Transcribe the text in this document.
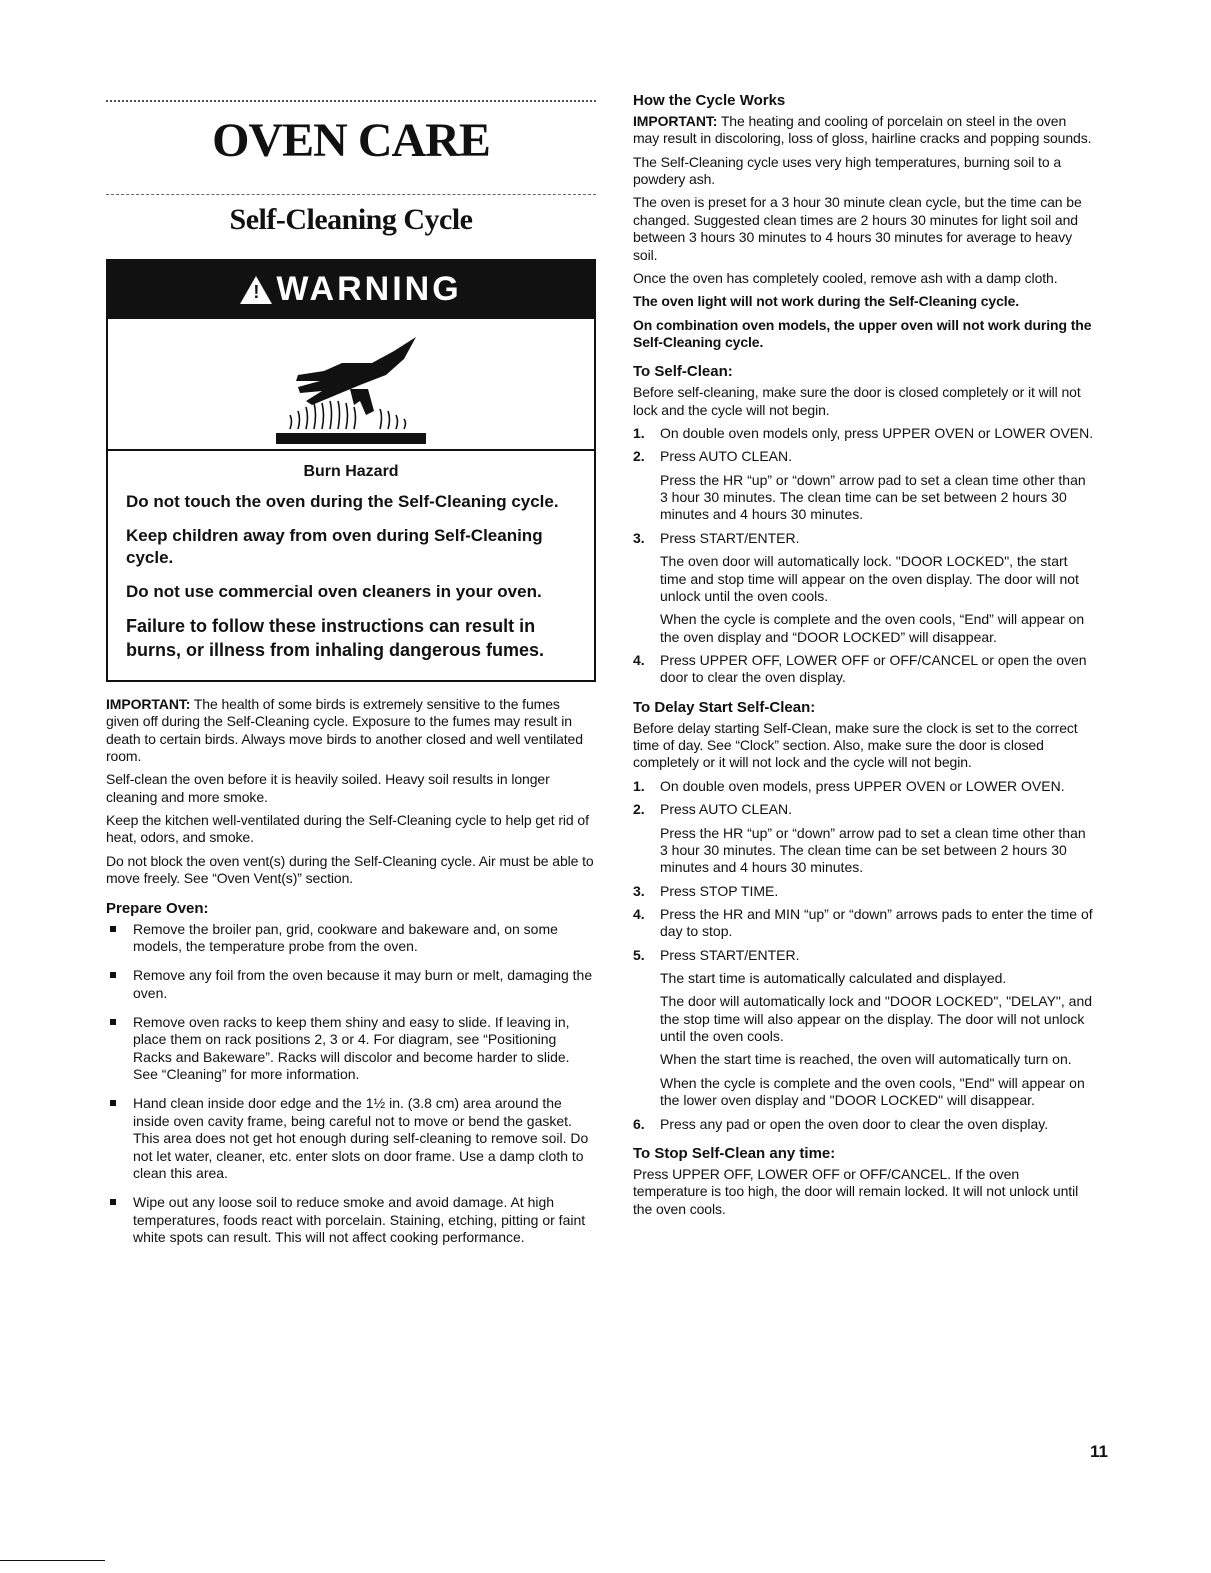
OVEN CARE
Self-Cleaning Cycle
! WARNING
Burn Hazard

Do not touch the oven during the Self-Cleaning cycle.

Keep children away from oven during Self-Cleaning cycle.

Do not use commercial oven cleaners in your oven.

Failure to follow these instructions can result in burns, or illness from inhaling dangerous fumes.

IMPORTANT: The health of some birds is extremely sensitive to the fumes given off during the Self-Cleaning cycle. Exposure to the fumes may result in death to certain birds. Always move birds to another closed and well ventilated room.

Self-clean the oven before it is heavily soiled. Heavy soil results in longer cleaning and more smoke.

Keep the kitchen well-ventilated during the Self-Cleaning cycle to help get rid of heat, odors, and smoke.

Do not block the oven vent(s) during the Self-Cleaning cycle. Air must be able to move freely. See “Oven Vent(s)” section.

Prepare Oven:
Remove the broiler pan, grid, cookware and bakeware and, on some models, the temperature probe from the oven.
Remove any foil from the oven because it may burn or melt, damaging the oven.
Remove oven racks to keep them shiny and easy to slide. If leaving in, place them on rack positions 2, 3 or 4. For diagram, see “Positioning Racks and Bakeware”. Racks will discolor and become harder to slide. See “Cleaning” for more information.
Hand clean inside door edge and the 1½ in. (3.8 cm) area around the inside oven cavity frame, being careful not to move or bend the gasket. This area does not get hot enough during self-cleaning to remove soil. Do not let water, cleaner, etc. enter slots on door frame. Use a damp cloth to clean this area.
Wipe out any loose soil to reduce smoke and avoid damage. At high temperatures, foods react with porcelain. Staining, etching, pitting or faint white spots can result. This will not affect cooking performance.
How the Cycle Works

IMPORTANT: The heating and cooling of porcelain on steel in the oven may result in discoloring, loss of gloss, hairline cracks and popping sounds.

The Self-Cleaning cycle uses very high temperatures, burning soil to a powdery ash.

The oven is preset for a 3 hour 30 minute clean cycle, but the time can be changed. Suggested clean times are 2 hours 30 minutes for light soil and between 3 hours 30 minutes to 4 hours 30 minutes for average to heavy soil.

Once the oven has completely cooled, remove ash with a damp cloth.

The oven light will not work during the Self-Cleaning cycle.

On combination oven models, the upper oven will not work during the Self-Cleaning cycle.

To Self-Clean:

Before self-cleaning, make sure the door is closed completely or it will not lock and the cycle will not begin.

1. On double oven models only, press UPPER OVEN or LOWER OVEN.
2. Press AUTO CLEAN.

Press the HR “up” or “down” arrow pad to set a clean time other than 3 hour 30 minutes. The clean time can be set between 2 hours 30 minutes and 4 hours 30 minutes.

3. Press START/ENTER.

The oven door will automatically lock. "DOOR LOCKED", the start time and stop time will appear on the oven display. The door will not unlock until the oven cools.

When the cycle is complete and the oven cools, “End” will appear on the oven display and “DOOR LOCKED” will disappear.

4. Press UPPER OFF, LOWER OFF or OFF/CANCEL or open the oven door to clear the oven display.
To Delay Start Self-Clean:

Before delay starting Self-Clean, make sure the clock is set to the correct time of day. See “Clock” section. Also, make sure the door is closed completely or it will not lock and the cycle will not begin.

1. On double oven models, press UPPER OVEN or LOWER OVEN.
2. Press AUTO CLEAN.

Press the HR “up” or “down” arrow pad to set a clean time other than 3 hour 30 minutes. The clean time can be set between 2 hours 30 minutes and 4 hours 30 minutes.

3. Press STOP TIME.
4. Press the HR and MIN “up” or “down” arrows pads to enter the time of day to stop.
5. Press START/ENTER.

The start time is automatically calculated and displayed.

The door will automatically lock and "DOOR LOCKED", "DELAY", and the stop time will also appear on the display. The door will not unlock until the oven cools.

When the start time is reached, the oven will automatically turn on.

When the cycle is complete and the oven cools, "End" will appear on the lower oven display and "DOOR LOCKED" will disappear.

6. Press any pad or open the oven door to clear the oven display.
To Stop Self-Clean any time:

Press UPPER OFF, LOWER OFF or OFF/CANCEL. If the oven temperature is too high, the door will remain locked. It will not unlock until the oven cools.

11
